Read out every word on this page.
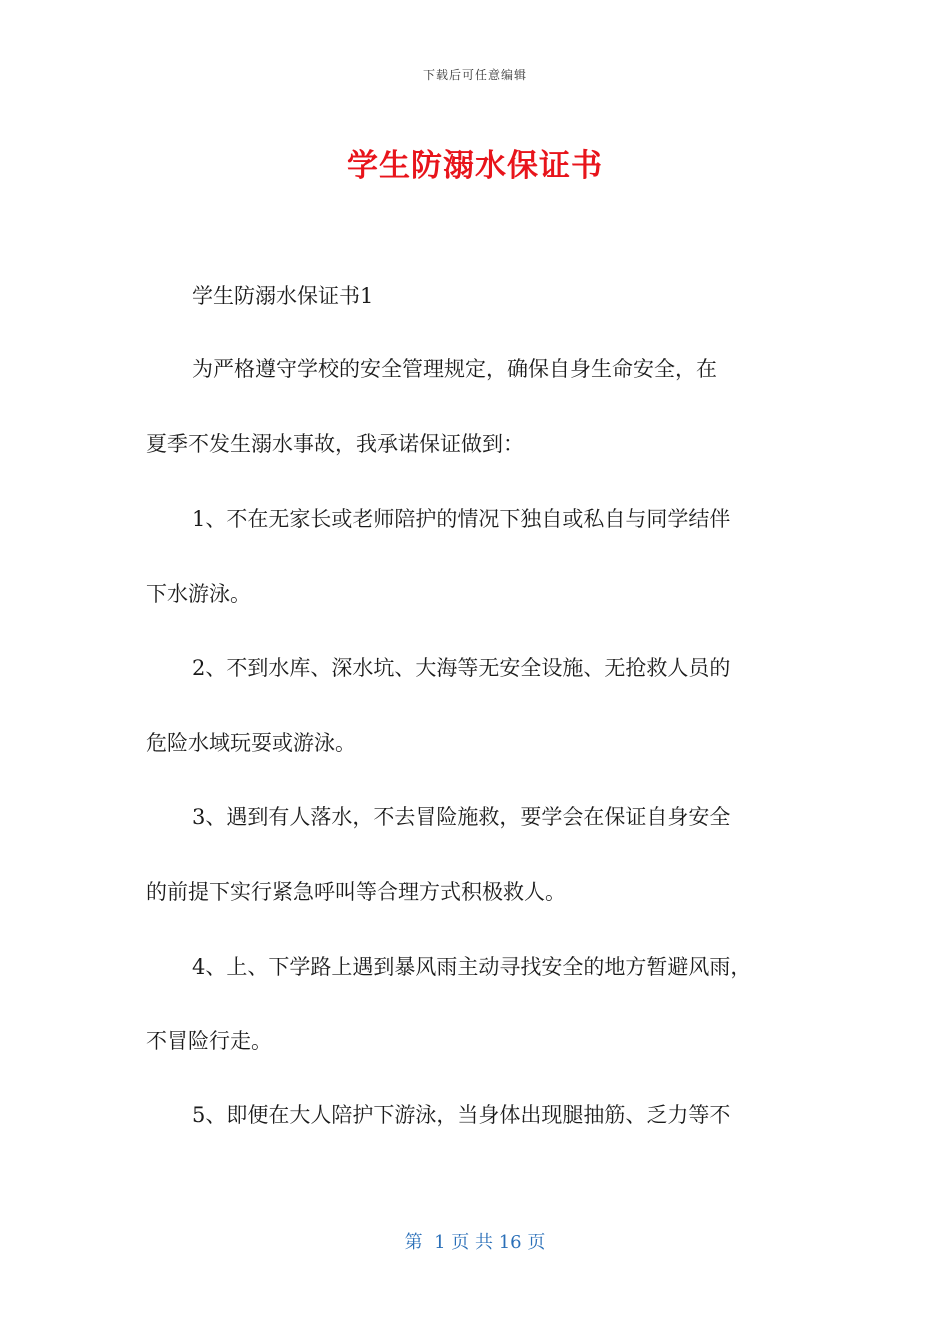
下载后可任意编辑
学生防溺水保证书
学生防溺水保证书1
为严格遵守学校的安全管理规定，确保自身生命安全，在
夏季不发生溺水事故，我承诺保证做到：
1、不在无家长或老师陪护的情况下独自或私自与同学结伴
下水游泳。
2、不到水库、深水坑、大海等无安全设施、无抢救人员的
危险水域玩耍或游泳。
3、遇到有人落水，不去冒险施救，要学会在保证自身安全
的前提下实行紧急呼叫等合理方式积极救人。
4、上、下学路上遇到暴风雨主动寻找安全的地方暂避风雨，
不冒险行走。
5、即便在大人陪护下游泳，当身体出现腿抽筋、乏力等不
第  1 页 共 16 页
